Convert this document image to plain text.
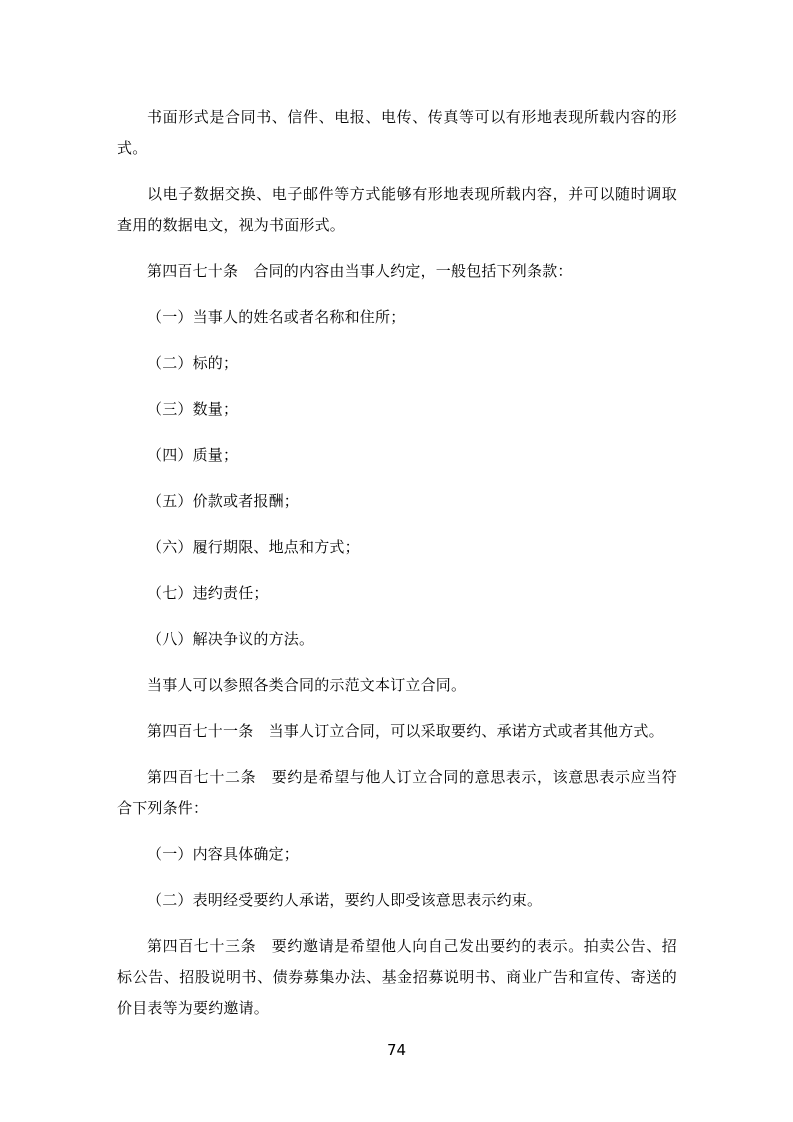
书面形式是合同书、信件、电报、电传、传真等可以有形地表现所载内容的形式。

以电子数据交换、电子邮件等方式能够有形地表现所载内容，并可以随时调取查用的数据电文，视为书面形式。

第四百七十条　合同的内容由当事人约定，一般包括下列条款：

（一）当事人的姓名或者名称和住所；

（二）标的；

（三）数量；

（四）质量；

（五）价款或者报酬；

（六）履行期限、地点和方式；

（七）违约责任；

（八）解决争议的方法。

当事人可以参照各类合同的示范文本订立合同。

第四百七十一条　当事人订立合同，可以采取要约、承诺方式或者其他方式。

第四百七十二条　要约是希望与他人订立合同的意思表示，该意思表示应当符合下列条件：

（一）内容具体确定；

（二）表明经受要约人承诺，要约人即受该意思表示约束。

第四百七十三条　要约邀请是希望他人向自己发出要约的表示。拍卖公告、招标公告、招股说明书、债券募集办法、基金招募说明书、商业广告和宣传、寄送的价目表等为要约邀请。

74
